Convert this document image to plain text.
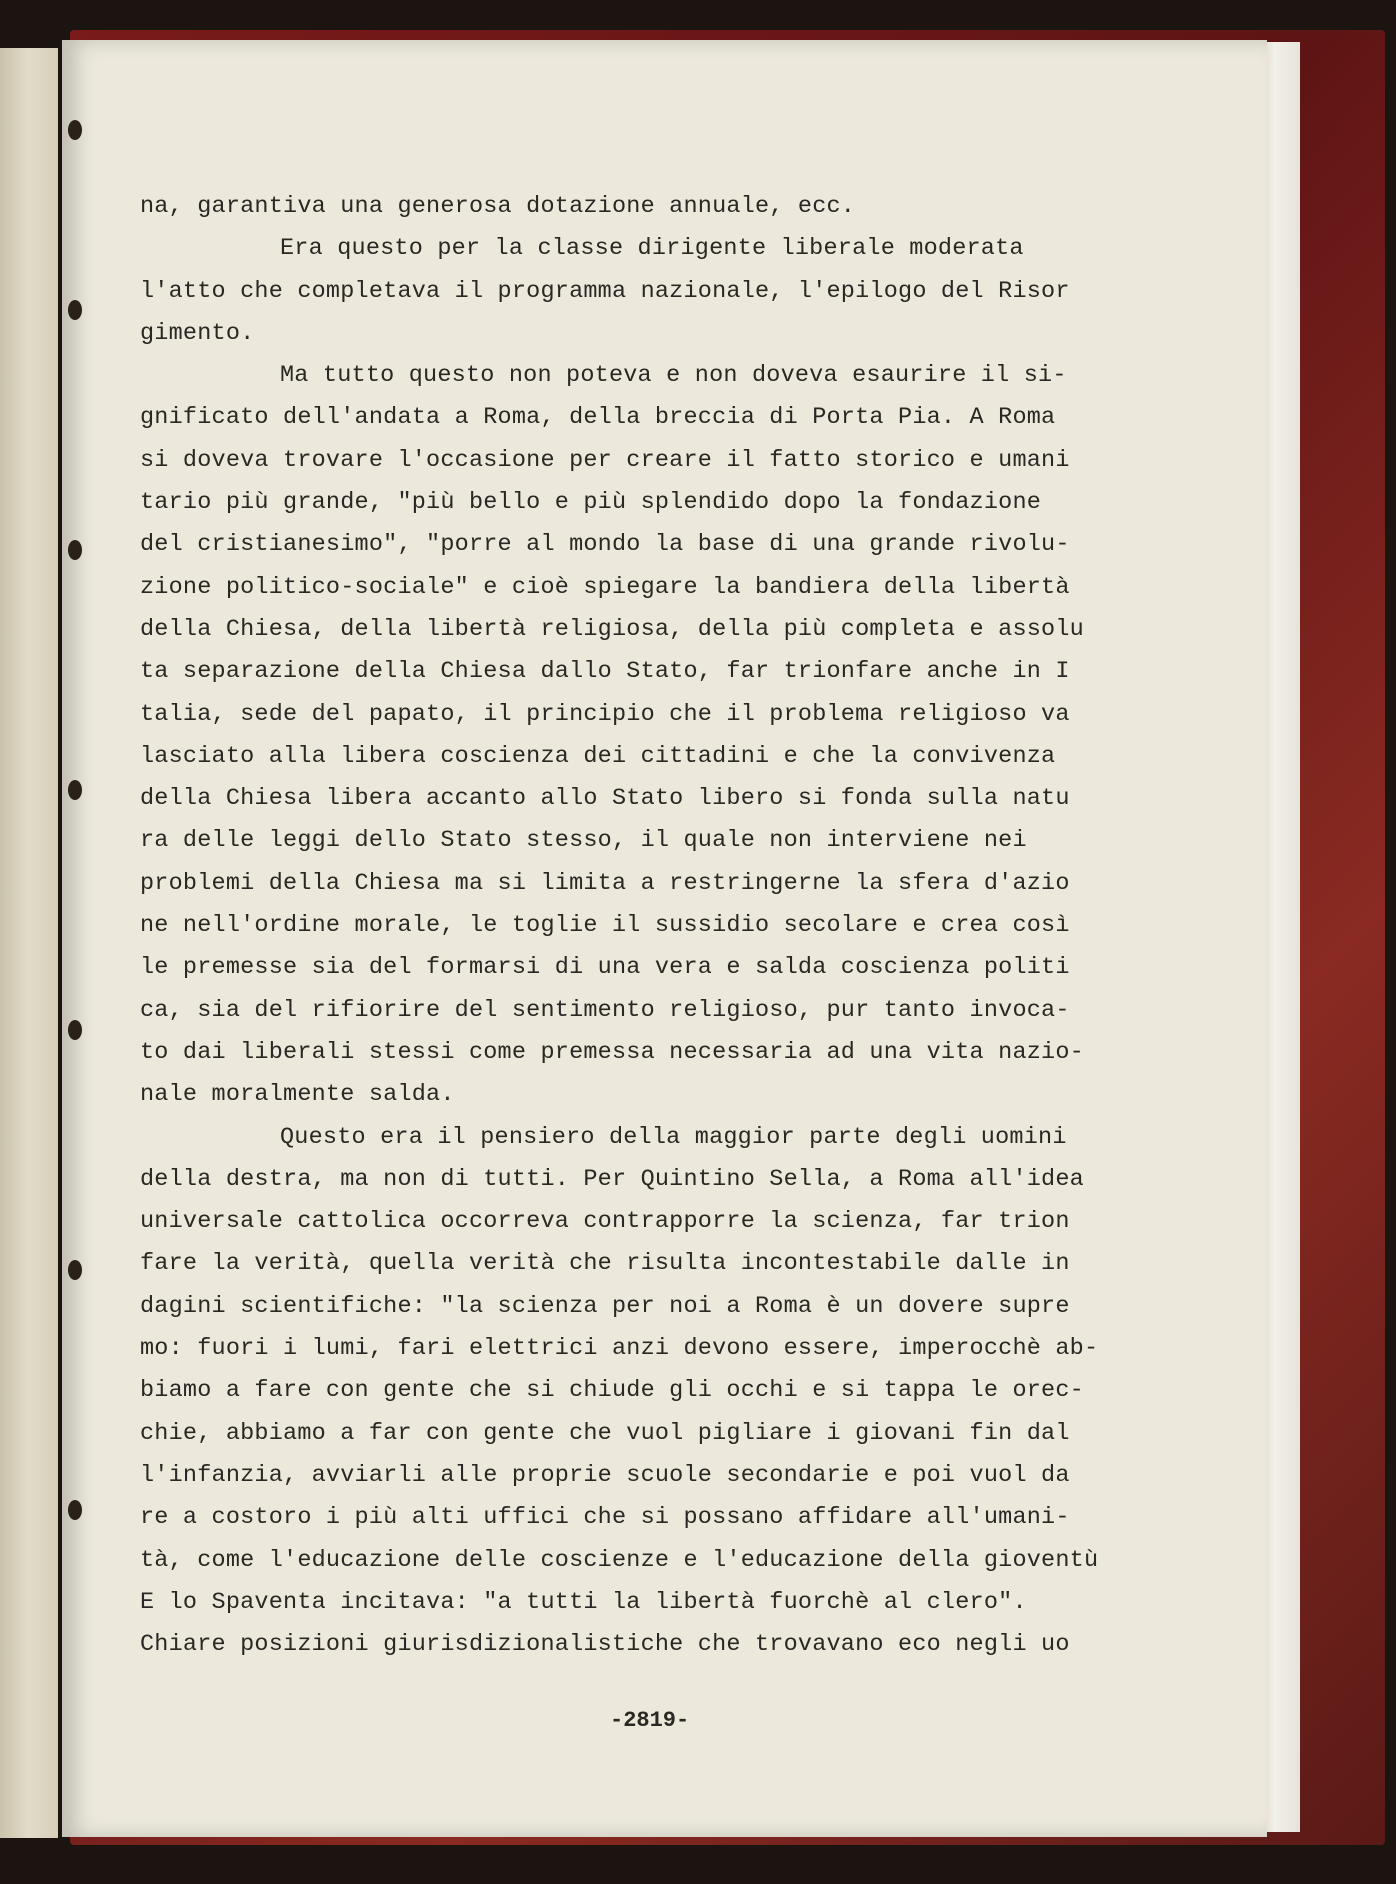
na, garantiva una generosa dotazione annuale, ecc.
Era questo per la classe dirigente liberale moderata
l'atto che completava il programma nazionale, l'epilogo del Risor
gimento.
Ma tutto questo non poteva e non doveva esaurire il si-
gnificato dell'andata a Roma, della breccia di Porta Pia. A Roma
si doveva trovare l'occasione per creare il fatto storico e umani
tario più grande, "più bello e più splendido dopo la fondazione
del cristianesimo", "porre al mondo la base di una grande rivolu-
zione politico-sociale" e cioè spiegare la bandiera della libertà
della Chiesa, della libertà religiosa, della più completa e assolu
ta separazione della Chiesa dallo Stato, far trionfare anche in I
talia, sede del papato, il principio che il problema religioso va
lasciato alla libera coscienza dei cittadini e che la convivenza
della Chiesa libera accanto allo Stato libero si fonda sulla natu
ra delle leggi dello Stato stesso, il quale non interviene nei
problemi della Chiesa ma si limita a restringerne la sfera d'azio
ne nell'ordine morale, le toglie il sussidio secolare e crea così
le premesse sia del formarsi di una vera e salda coscienza politi
ca, sia del rifiorire del sentimento religioso, pur tanto invoca-
to dai liberali stessi come premessa necessaria ad una vita nazio-
nale moralmente salda.
Questo era il pensiero della maggior parte degli uomini
della destra, ma non di tutti. Per Quintino Sella, a Roma all'idea
universale cattolica occorreva contrapporre la scienza, far trion
fare la verità, quella verità che risulta incontestabile dalle in
dagini scientifiche: "la scienza per noi a Roma è un dovere supre
mo: fuori i lumi, fari elettrici anzi devono essere, imperocchè ab-
biamo a fare con gente che si chiude gli occhi e si tappa le orec-
chie, abbiamo a far con gente che vuol pigliare i giovani fin dal
l'infanzia, avviarli alle proprie scuole secondarie e poi vuol da
re a costoro i più alti uffici che si possano affidare all'umani-
tà, come l'educazione delle coscienze e l'educazione della gioventù
E lo Spaventa incitava: "a tutti la libertà fuorchè al clero".
Chiare posizioni giurisdizionalistiche che trovavano eco negli uo
-2819-
